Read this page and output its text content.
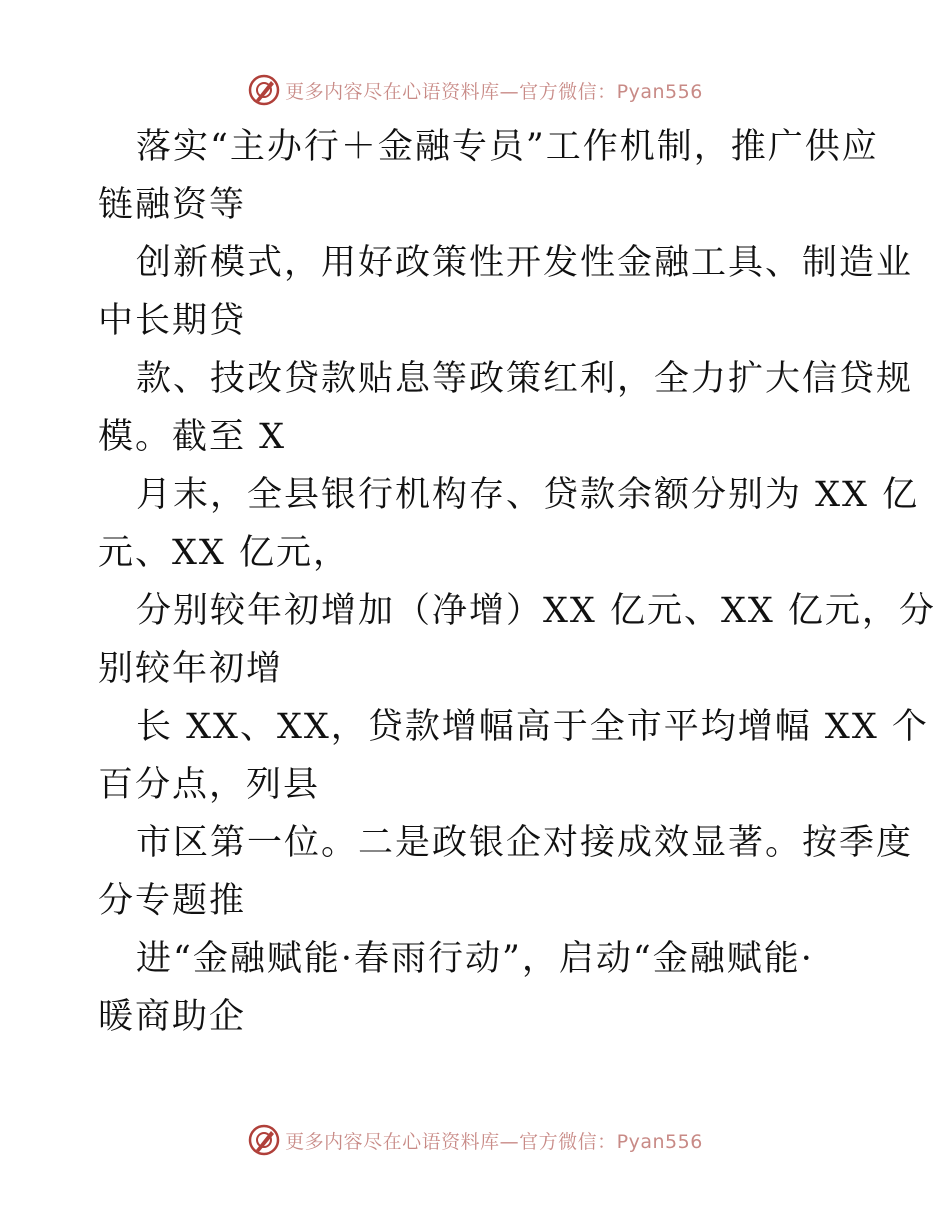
更多内容尽在心语资料库—官方微信：Pyan556
落实“主办行＋金融专员”工作机制，推广供应
链融资等
创新模式，用好政策性开发性金融工具、制造业
中长期贷
款、技改贷款贴息等政策红利，全力扩大信贷规
模。截至 X
月末，全县银行机构存、贷款余额分别为 XX 亿
元、XX 亿元，
分别较年初增加（净增）XX 亿元、XX 亿元，分
别较年初增
长 XX、XX，贷款增幅高于全市平均增幅 XX 个
百分点，列县
市区第一位。二是政银企对接成效显著。按季度
分专题推
进“金融赋能·春雨行动”，启动“金融赋能·
暖商助企
更多内容尽在心语资料库—官方微信：Pyan556
